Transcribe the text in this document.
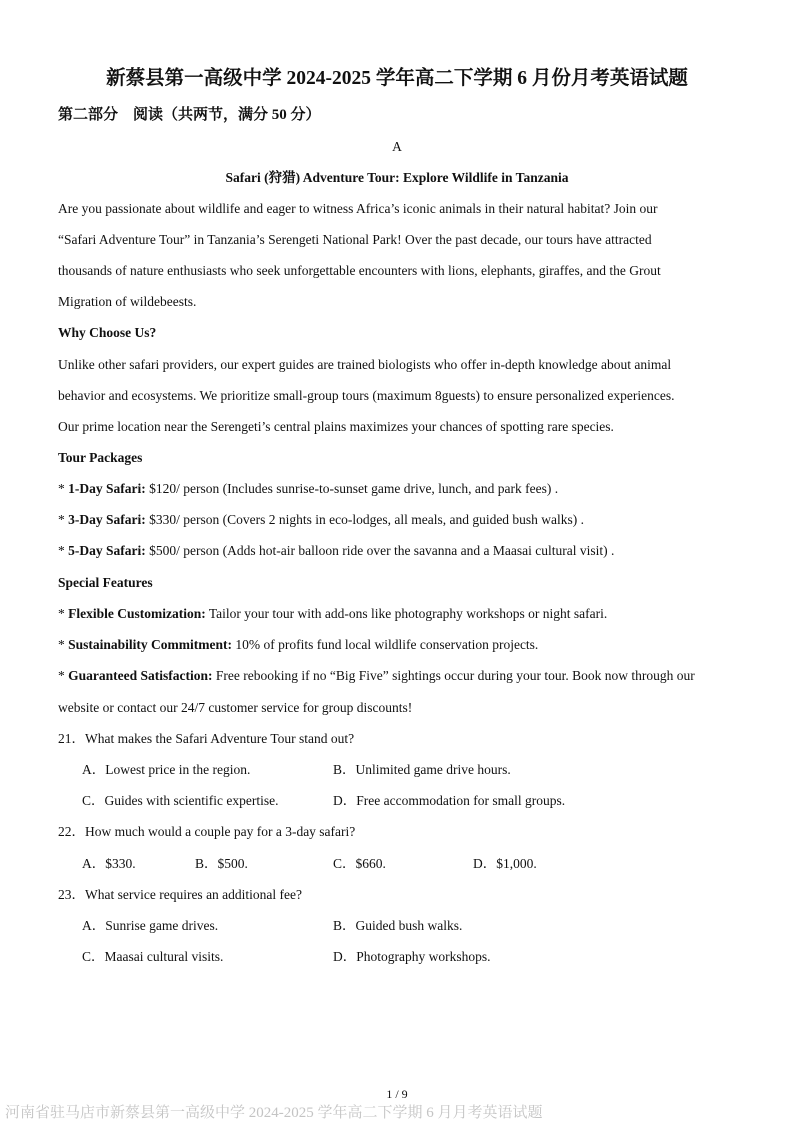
新蔡县第一高级中学 2024-2025 学年高二下学期 6 月份月考英语试题
第二部分　阅读（共两节，满分 50 分）
A
Safari (狩猎) Adventure Tour: Explore Wildlife in Tanzania
Are you passionate about wildlife and eager to witness Africa’s iconic animals in their natural habitat? Join our
“Safari Adventure Tour” in Tanzania’s Serengeti National Park! Over the past decade, our tours have attracted
thousands of nature enthusiasts who seek unforgettable encounters with lions, elephants, giraffes, and the Grout
Migration of wildebeests.
Why Choose Us?
Unlike other safari providers, our expert guides are trained biologists who offer in-depth knowledge about animal
behavior and ecosystems. We prioritize small-group tours (maximum 8guests) to ensure personalized experiences.
Our prime location near the Serengeti’s central plains maximizes your chances of spotting rare species.
Tour Packages
* 1-Day Safari: $120/ person (Includes sunrise-to-sunset game drive, lunch, and park fees) .
* 3-Day Safari: $330/ person (Covers 2 nights in eco-lodges, all meals, and guided bush walks) .
* 5-Day Safari: $500/ person (Adds hot-air balloon ride over the savanna and a Maasai cultural visit) .
Special Features
* Flexible Customization: Tailor your tour with add-ons like photography workshops or night safari.
* Sustainability Commitment: 10% of profits fund local wildlife conservation projects.
* Guaranteed Satisfaction: Free rebooking if no “Big Five” sightings occur during your tour. Book now through our
website or contact our 24/7 customer service for group discounts!
21．What makes the Safari Adventure Tour stand out?
A．Lowest price in the region.	B．Unlimited game drive hours.
C．Guides with scientific expertise.	D．Free accommodation for small groups.
22．How much would a couple pay for a 3-day safari?
A．$330.	B．$500.	C．$660.	D．$1,000.
23．What service requires an additional fee?
A．Sunrise game drives.	B．Guided bush walks.
C．Maasai cultural visits.	D．Photography workshops.
1 / 9
河南省驻马店市新蔡县第一高级中学 2024-2025 学年高二下学期 6 月月考英语试题
